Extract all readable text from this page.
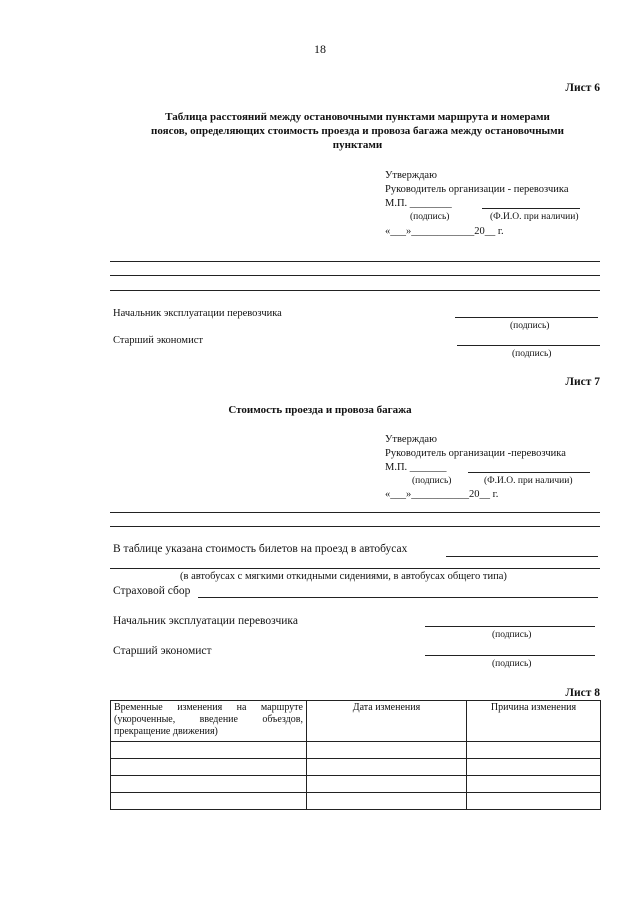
18
Лист 6
Таблица расстояний между остановочными пунктами маршрута и номерами
поясов, определяющих стоимость проезда и провоза багажа между остановочными
пунктами
Утверждаю
Руководитель организации - перевозчика
М.П. ________
(подпись)	(Ф.И.О. при наличии)
«___»____________20__ г.
Начальник эксплуатации перевозчика
(подпись)
Старший экономист
(подпись)
Лист 7
Стоимость проезда и провоза багажа
Утверждаю
Руководитель организации -перевозчика
М.П. _______
(подпись)	(Ф.И.О. при наличии)
«___»___________20__ г.
В таблице указана стоимость билетов на проезд в автобусах
(в автобусах с мягкими откидными сидениями, в автобусах общего типа)
Страховой сбор
Начальник эксплуатации перевозчика
(подпись)
Старший экономист
(подпись)
Лист 8
Временные изменения на маршруте (укороченные, введение объездов, прекращение движения)	Дата изменения	Причина изменения
